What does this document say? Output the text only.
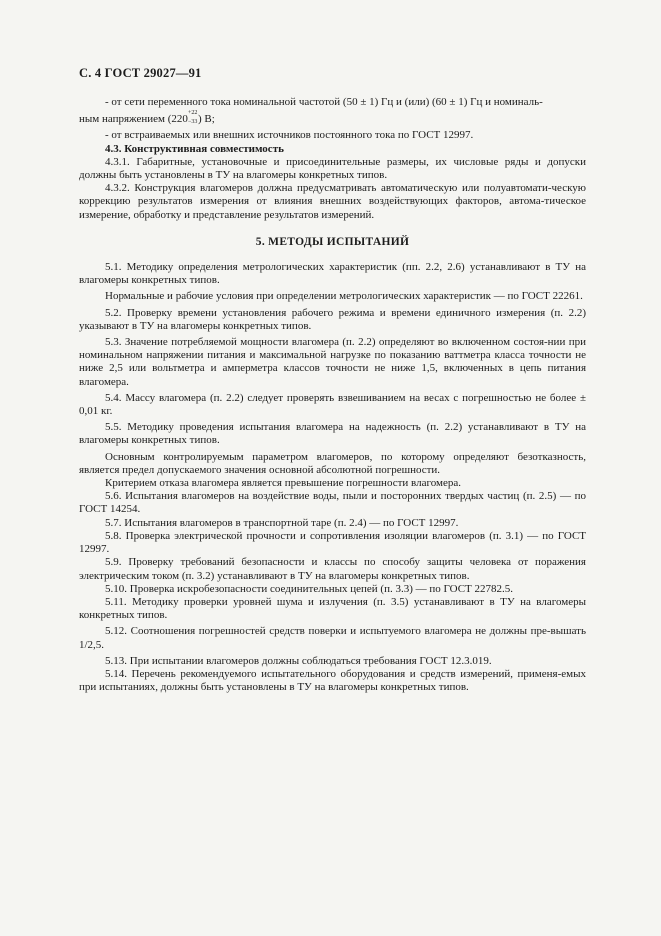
С. 4 ГОСТ 29027—91

- от сети переменного тока номинальной частотой (50 ± 1) Гц и (или) (60 ± 1) Гц и номиналь-

ным напряжением (220 +22
−33 ) В;

- от встраиваемых или внешних источников постоянного тока по ГОСТ 12997.

4.3. Конструктивная совместимость

4.3.1. Габаритные, установочные и присоединительные размеры, их числовые ряды и допуски должны быть установлены в ТУ на влагомеры конкретных типов.

4.3.2. Конструкция влагомеров должна предусматривать автоматическую или полуавтомати-ческую коррекцию результатов измерения от влияния внешних воздействующих факторов, автома-тическое измерение, обработку и представление результатов измерений.

5. МЕТОДЫ ИСПЫТАНИЙ

5.1. Методику определения метрологических характеристик (пп. 2.2, 2.6) устанавливают в ТУ на влагомеры конкретных типов.

Нормальные и рабочие условия при определении метрологических характеристик — по ГОСТ 22261.

5.2. Проверку времени установления рабочего режима и времени единичного измерения (п. 2.2) указывают в ТУ на влагомеры конкретных типов.

5.3. Значение потребляемой мощности влагомера (п. 2.2) определяют во включенном состоя-нии при номинальном напряжении питания и максимальной нагрузке по показанию ваттметра класса точности не ниже 2,5 или вольтметра и амперметра классов точности не ниже 1,5, включенных в цепь питания влагомера.

5.4. Массу влагомера (п. 2.2) следует проверять взвешиванием на весах с погрешностью не более ± 0,01 кг.

5.5. Методику проведения испытания влагомера на надежность (п. 2.2) устанавливают в ТУ на влагомеры конкретных типов.

Основным контролируемым параметром влагомеров, по которому определяют безотказность, является предел допускаемого значения основной абсолютной погрешности.

Критерием отказа влагомера является превышение погрешности влагомера.

5.6. Испытания влагомеров на воздействие воды, пыли и посторонних твердых частиц (п. 2.5) — по ГОСТ 14254.

5.7. Испытания влагомеров в транспортной таре (п. 2.4) — по ГОСТ 12997.

5.8. Проверка электрической прочности и сопротивления изоляции влагомеров (п. 3.1) — по ГОСТ 12997.

5.9. Проверку требований безопасности и классы по способу защиты человека от поражения электрическим током (п. 3.2) устанавливают в ТУ на влагомеры конкретных типов.

5.10. Проверка искробезопасности соединительных цепей (п. 3.3) — по ГОСТ 22782.5.

5.11. Методику проверки уровней шума и излучения (п. 3.5) устанавливают в ТУ на влагомеры конкретных типов.

5.12. Соотношения погрешностей средств поверки и испытуемого влагомера не должны пре-вышать 1/2,5.

5.13. При испытании влагомеров должны соблюдаться требования ГОСТ 12.3.019.

5.14. Перечень рекомендуемого испытательного оборудования и средств измерений, применя-емых при испытаниях, должны быть установлены в ТУ на влагомеры конкретных типов.
